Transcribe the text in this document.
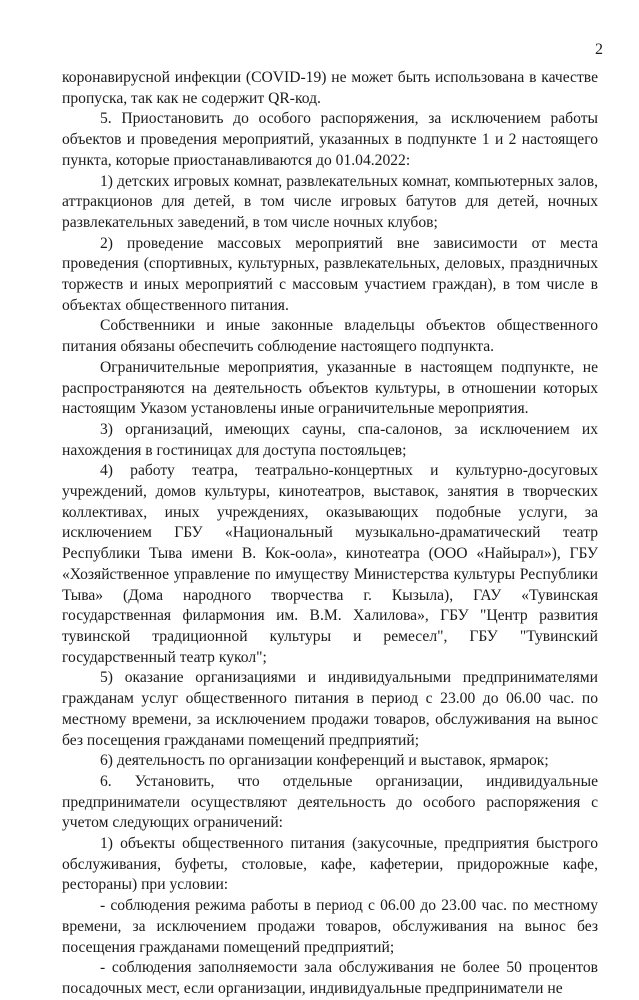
2

коронавирусной инфекции (COVID-19) не может быть использована в качестве пропуска, так как не содержит QR-код.

5. Приостановить до особого распоряжения, за исключением работы объектов и проведения мероприятий, указанных в подпункте 1 и 2 настоящего пункта, которые приостанавливаются до 01.04.2022:

1) детских игровых комнат, развлекательных комнат, компьютерных залов, аттракционов для детей, в том числе игровых батутов для детей, ночных развлекательных заведений, в том числе ночных клубов;

2) проведение массовых мероприятий вне зависимости от места проведения (спортивных, культурных, развлекательных, деловых, праздничных торжеств и иных мероприятий с массовым участием граждан), в том числе в объектах общественного питания.

Собственники и иные законные владельцы объектов общественного питания обязаны обеспечить соблюдение настоящего подпункта.

Ограничительные мероприятия, указанные в настоящем подпункте, не распространяются на деятельность объектов культуры, в отношении которых настоящим Указом установлены иные ограничительные мероприятия.

3) организаций, имеющих сауны, спа-салонов, за исключением их нахождения в гостиницах для доступа постояльцев;

4) работу театра, театрально-концертных и культурно-досуговых учреждений, домов культуры, кинотеатров, выставок, занятия в творческих коллективах, иных учреждениях, оказывающих подобные услуги, за исключением ГБУ «Национальный музыкально-драматический театр Республики Тыва имени В. Кок-оола», кинотеатра (ООО «Найырал»), ГБУ «Хозяйственное управление по имуществу Министерства культуры Республики Тыва» (Дома народного творчества г. Кызыла), ГАУ «Тувинская государственная филармония им. В.М. Халилова», ГБУ "Центр развития тувинской традиционной культуры и ремесел", ГБУ "Тувинский государственный театр кукол";

5) оказание организациями и индивидуальными предпринимателями гражданам услуг общественного питания в период с 23.00 до 06.00 час. по местному времени, за исключением продажи товаров, обслуживания на вынос без посещения гражданами помещений предприятий;

6) деятельность по организации конференций и выставок, ярмарок;

6. Установить, что отдельные организации, индивидуальные предприниматели осуществляют деятельность до особого распоряжения с учетом следующих ограничений:

1) объекты общественного питания (закусочные, предприятия быстрого обслуживания, буфеты, столовые, кафе, кафетерии, придорожные кафе, рестораны) при условии:

- соблюдения режима работы в период с 06.00 до 23.00 час. по местному времени, за исключением продажи товаров, обслуживания на вынос без посещения гражданами помещений предприятий;

- соблюдения заполняемости зала обслуживания не более 50 процентов посадочных мест, если организации, индивидуальные предприниматели не
